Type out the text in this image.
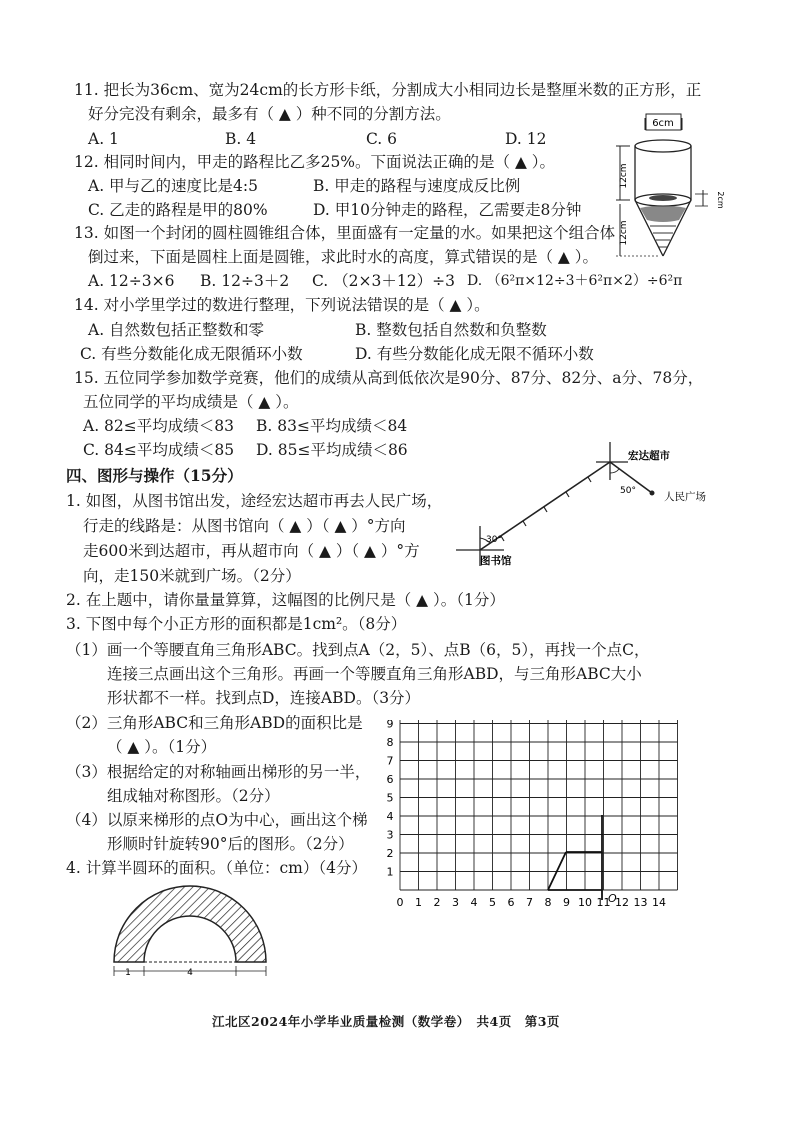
11. 把长为36cm、宽为24cm的长方形卡纸，分割成大小相同边长是整厘米数的正方形，正
好分完没有剩余，最多有（ ▲ ）种不同的分割方法。
A. 1	B. 4	C. 6	D. 12
12. 相同时间内，甲走的路程比乙多25%。下面说法正确的是（ ▲ ）。
A. 甲与乙的速度比是4:5	B. 甲走的路程与速度成反比例
C. 乙走的路程是甲的80%	D. 甲10分钟走的路程，乙需要走8分钟
13. 如图一个封闭的圆柱圆锥组合体，里面盛有一定量的水。如果把这个组合体
倒过来，下面是圆柱上面是圆锥，求此时水的高度，算式错误的是（ ▲ ）。
A. 12÷3×6 B. 12÷3＋2 C. （2×3＋12）÷3 D. （6²π×12÷3＋6²π×2）÷6²π
14. 对小学里学过的数进行整理，下列说法错误的是（ ▲ ）。
A. 自然数包括正整数和零	B. 整数包括自然数和负整数
C. 有些分数能化成无限循环小数	D. 有些分数能化成无限不循环小数
15. 五位同学参加数学竞赛，他们的成绩从高到低依次是90分、87分、82分、a分、78分，
五位同学的平均成绩是（ ▲ ）。
A. 82≤平均成绩＜83 B. 83≤平均成绩＜84
C. 84≤平均成绩＜85 D. 85≤平均成绩＜86
四、图形与操作（15分）
1. 如图，从图书馆出发，途经宏达超市再去人民广场，
行走的线路是：从图书馆向（ ▲ ）（ ▲ ）°方向
走600米到达超市，再从超市向（ ▲ ）（ ▲ ）°方
向，走150米就到广场。（2分）
2. 在上题中，请你量量算算，这幅图的比例尺是（ ▲ ）。（1分）
3. 下图中每个小正方形的面积都是1cm²。（8分）
（1）画一个等腰直角三角形ABC。找到点A（2，5）、点B（6，5），再找一个点C，
连接三点画出这个三角形。再画一个等腰直角三角形ABD，与三角形ABC大小
形状都不一样。找到点D，连接ABD。（3分）
（2）三角形ABC和三角形ABD的面积比是
（ ▲ ）。（1分）
（3）根据给定的对称轴画出梯形的另一半，
组成轴对称图形。（2分）
（4）以原来梯形的点O为中心，画出这个梯
形顺时针旋转90°后的图形。（2分）
4. 计算半圆环的面积。（单位：cm）（4分）
6cm
12cm
12cm
2cm
宏达超市
人民广场
50°
30°
图书馆
0 1 2 3 4 5 6 7 8 9 10 11 12 13 14
1
2
3
4
5
6
7
8
9
O
1	4
江北区2024年小学毕业质量检测（数学卷）　共4页　第3页
